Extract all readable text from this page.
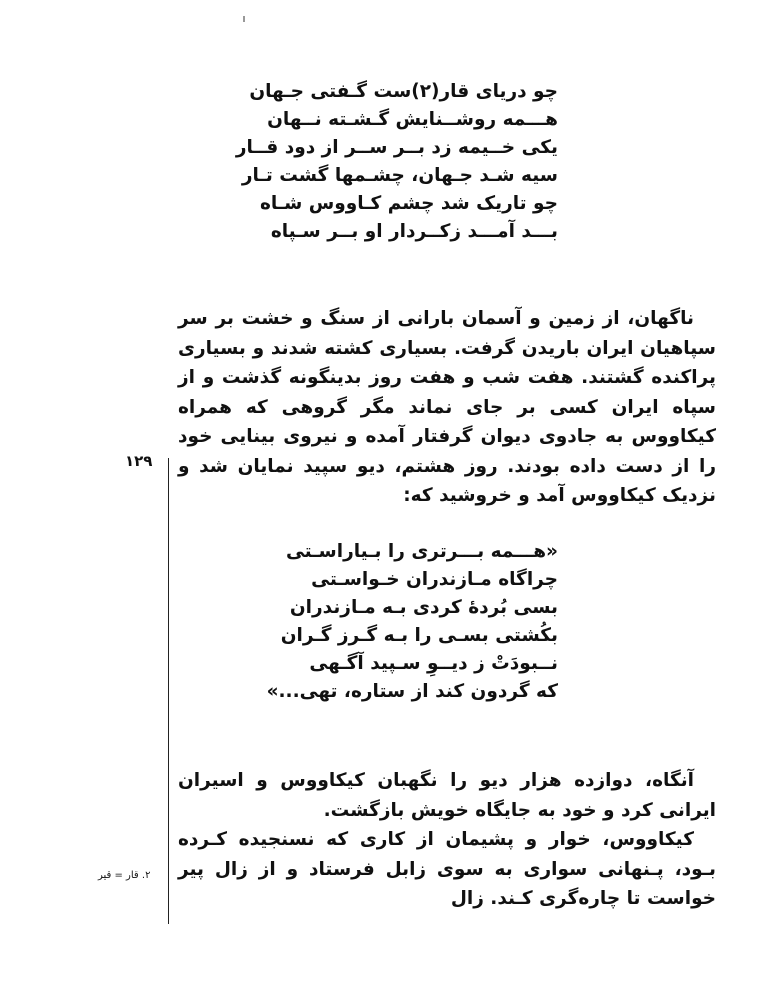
چو دریای قار(۲)ست گـفتی جـهان
هـــمه روشــنایش گـشـته نــهان
یکی خــیمه زد بــر ســر از دود قــار
سیه شـد جـهان، چشـمها گشت تـار
چو تاریک شد چشم کـاووس شـاه
بـــد آمـــد زکــردار او بــر سـپاه

ناگهان، از زمین و آسمان بارانی از سنگ و خشت بر سر سپاهیان ایران باریدن گرفت. بسیاری کشته شدند و بسیاری پراکنده گشتند. هفت شب و هفت روز بدینگونه گذشت و از سپاه ایران کسی بر جای نماند مگر گروهی که همراه کیکاووس به جادوی دیوان گرفتار آمده و نیروی بینایی خود را از دست داده بودند. روز هشتم، دیو سپید نمایان شد و نزدیک کیکاووس آمد و خروشید که:

«هـــمه بـــرتری را بـیاراسـتی
چراگاه مـازندران خـواسـتی
بسی بُردهٔ کردی بـه مـازندران
بکُشتی بسـی را بـه گـرز گـران
نــبودَتْ ز دیــوِ سـپید آگـهی
که گردون کند از ستاره، تهی...»

آنگاه، دوازده هزار دیو را نگهبان کیکاووس و اسیران ایرانی کرد و خود به جایگاه خویش بازگشت.

کیکاووس، خوار و پشیمان از کاری که نسنجیده کـرده بـود، پـنهانی سواری به سوی زابل فرستاد و از زال پیر خواست تا چاره‌گری کـند. زال

۱۲۹
۲. قار = قیر
